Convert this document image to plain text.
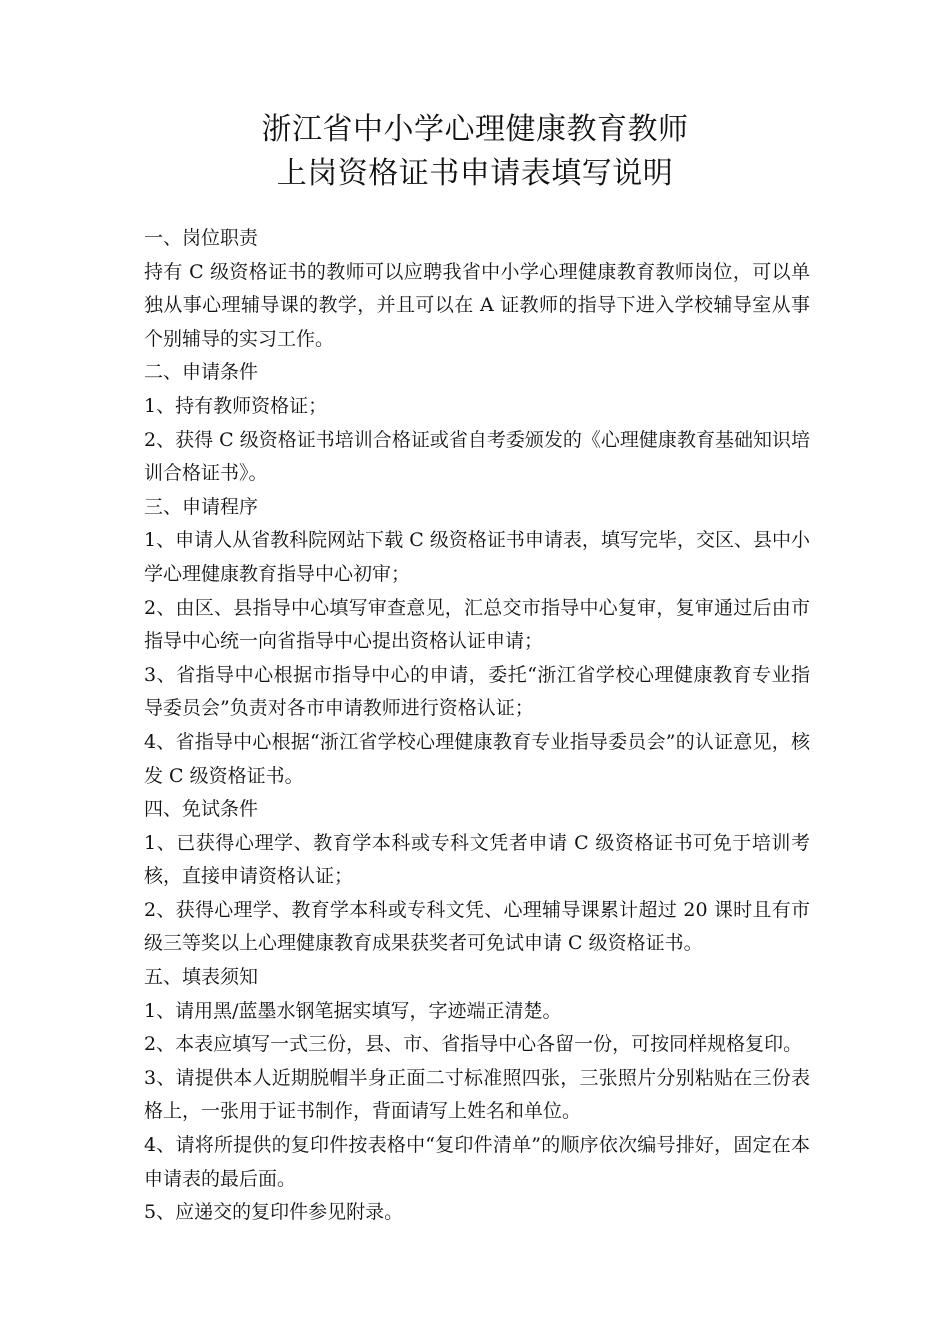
浙江省中小学心理健康教育教师
上岗资格证书申请表填写说明
一、岗位职责

持有 C 级资格证书的教师可以应聘我省中小学心理健康教育教师岗位，可以单独从事心理辅导课的教学，并且可以在 A 证教师的指导下进入学校辅导室从事个别辅导的实习工作。

二、申请条件

1、持有教师资格证；

2、获得 C 级资格证书培训合格证或省自考委颁发的《心理健康教育基础知识培训合格证书》。

三、申请程序

1、申请人从省教科院网站下载 C 级资格证书申请表，填写完毕，交区、县中小学心理健康教育指导中心初审；

2、由区、县指导中心填写审查意见，汇总交市指导中心复审，复审通过后由市指导中心统一向省指导中心提出资格认证申请；

3、省指导中心根据市指导中心的申请，委托“浙江省学校心理健康教育专业指导委员会”负责对各市申请教师进行资格认证；

4、省指导中心根据“浙江省学校心理健康教育专业指导委员会”的认证意见，核发 C 级资格证书。

四、免试条件

1、已获得心理学、教育学本科或专科文凭者申请 C 级资格证书可免于培训考核，直接申请资格认证；

2、获得心理学、教育学本科或专科文凭、心理辅导课累计超过 20 课时且有市级三等奖以上心理健康教育成果获奖者可免试申请 C 级资格证书。

五、填表须知

1、请用黑/蓝墨水钢笔据实填写，字迹端正清楚。

2、本表应填写一式三份，县、市、省指导中心各留一份，可按同样规格复印。

3、请提供本人近期脱帽半身正面二寸标准照四张，三张照片分别粘贴在三份表格上，一张用于证书制作，背面请写上姓名和单位。

4、请将所提供的复印件按表格中“复印件清单”的顺序依次编号排好，固定在本申请表的最后面。

5、应递交的复印件参见附录。
